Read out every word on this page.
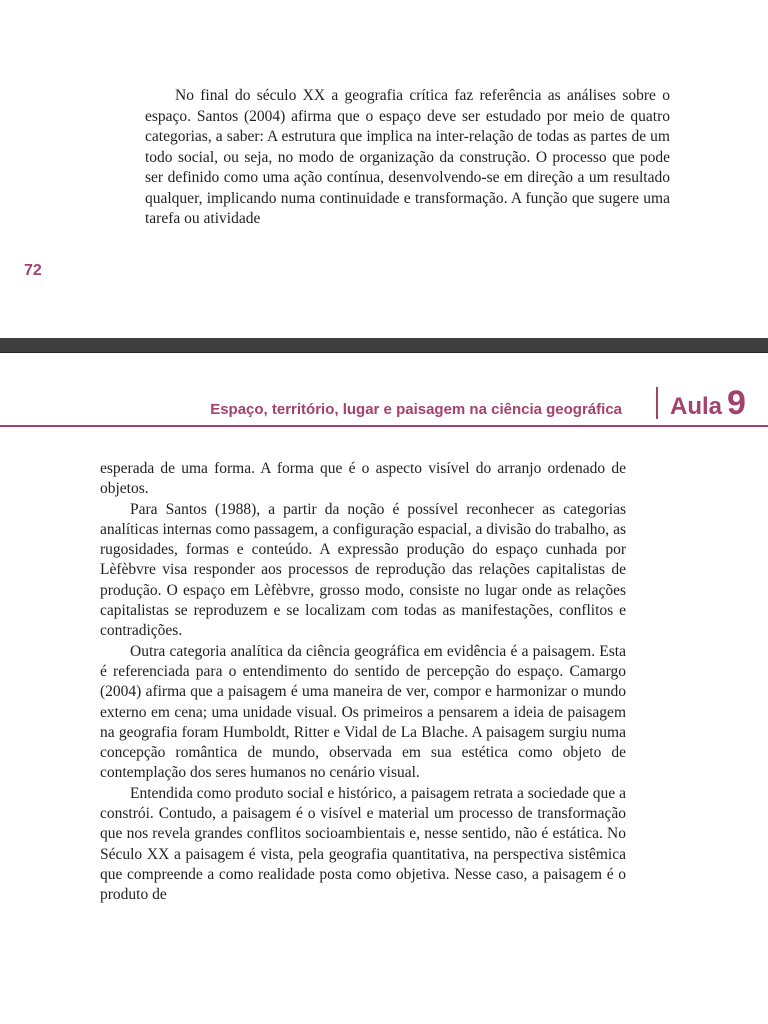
No final do século XX a geografia crítica faz referência as análises sobre o espaço. Santos (2004) afirma que o espaço deve ser estudado por meio de quatro categorias, a saber: A estrutura que implica na inter-relação de todas as partes de um todo social, ou seja, no modo de organização da construção. O processo que pode ser definido como uma ação contínua, desenvolvendo-se em direção a um resultado qualquer, implicando numa continuidade e transformação. A função que sugere uma tarefa ou atividade

72
Espaço, território, lugar e paisagem na ciência geográfica Aula 9

esperada de uma forma. A forma que é o aspecto visível do arranjo ordenado de objetos.

Para Santos (1988), a partir da noção é possível reconhecer as categorias analíticas internas como passagem, a configuração espacial, a divisão do trabalho, as rugosidades, formas e conteúdo. A expressão produção do espaço cunhada por Lèfèbvre visa responder aos processos de reprodução das relações capitalistas de produção. O espaço em Lèfèbvre, grosso modo, consiste no lugar onde as relações capitalistas se reproduzem e se localizam com todas as manifestações, conflitos e contradições.

Outra categoria analítica da ciência geográfica em evidência é a paisagem. Esta é referenciada para o entendimento do sentido de percepção do espaço. Camargo (2004) afirma que a paisagem é uma maneira de ver, compor e harmonizar o mundo externo em cena; uma unidade visual. Os primeiros a pensarem a ideia de paisagem na geografia foram Humboldt, Ritter e Vidal de La Blache. A paisagem surgiu numa concepção romântica de mundo, observada em sua estética como objeto de contemplação dos seres humanos no cenário visual.

Entendida como produto social e histórico, a paisagem retrata a sociedade que a constrói. Contudo, a paisagem é o visível e material um processo de transformação que nos revela grandes conflitos socioambientais e, nesse sentido, não é estática. No Século XX a paisagem é vista, pela geografia quantitativa, na perspectiva sistêmica que compreende a como realidade posta como objetiva. Nesse caso, a paisagem é o produto de
